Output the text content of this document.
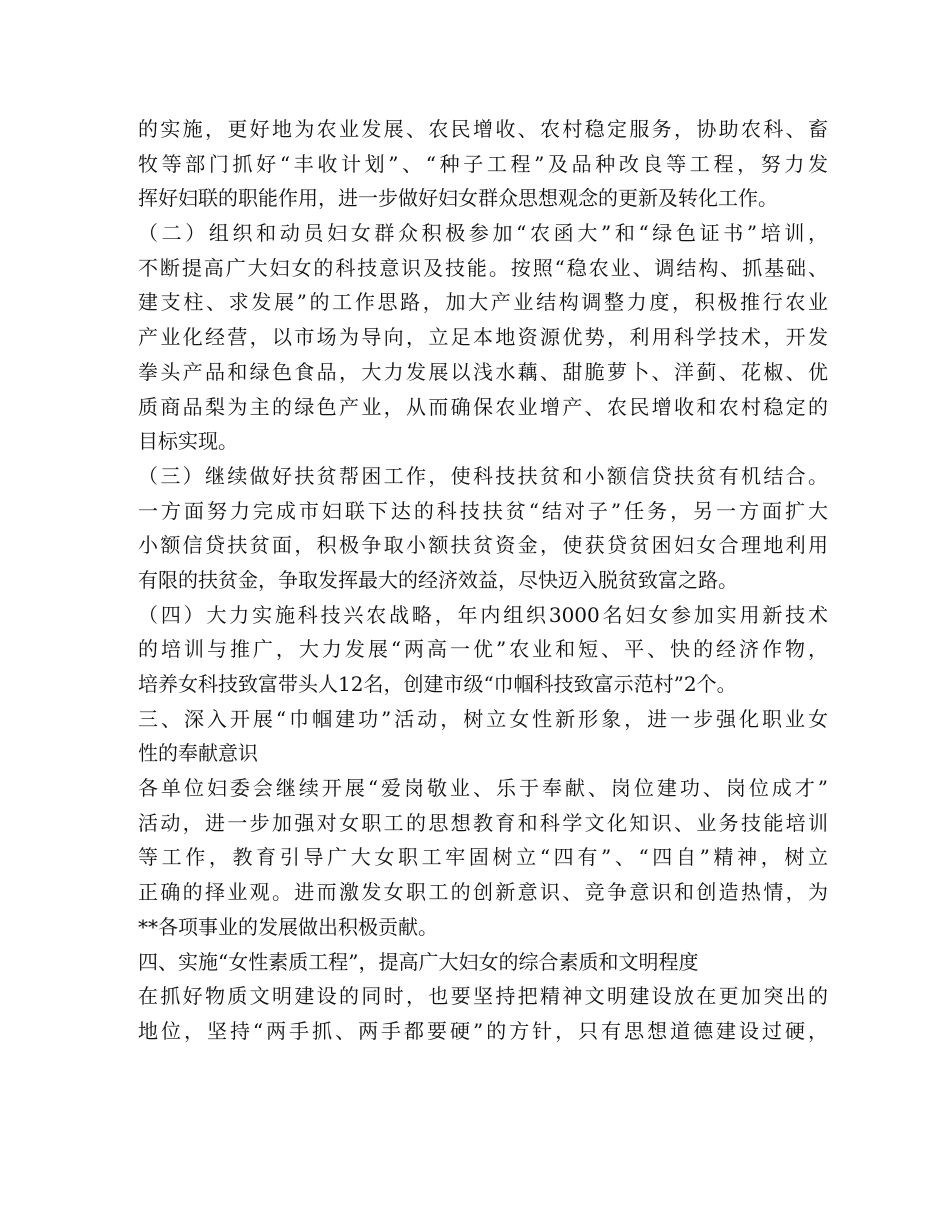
的实施，更好地为农业发展、农民增收、农村稳定服务，协助农科、畜
牧等部门抓好“丰收计划”、“种子工程”及品种改良等工程，努力发
挥好妇联的职能作用，进一步做好妇女群众思想观念的更新及转化工作。
（二）组织和动员妇女群众积极参加“农函大”和“绿色证书”培训，
不断提高广大妇女的科技意识及技能。按照“稳农业、调结构、抓基础、
建支柱、求发展”的工作思路，加大产业结构调整力度，积极推行农业
产业化经营，以市场为导向，立足本地资源优势，利用科学技术，开发
拳头产品和绿色食品，大力发展以浅水藕、甜脆萝卜、洋蓟、花椒、优
质商品梨为主的绿色产业，从而确保农业增产、农民增收和农村稳定的
目标实现。
（三）继续做好扶贫帮困工作，使科技扶贫和小额信贷扶贫有机结合。
一方面努力完成市妇联下达的科技扶贫“结对子”任务，另一方面扩大
小额信贷扶贫面，积极争取小额扶贫资金，使获贷贫困妇女合理地利用
有限的扶贫金，争取发挥最大的经济效益，尽快迈入脱贫致富之路。
（四）大力实施科技兴农战略，年内组织3000名妇女参加实用新技术
的培训与推广，大力发展“两高一优”农业和短、平、快的经济作物，
培养女科技致富带头人12名，创建市级“巾帼科技致富示范村”2个。
三、深入开展“巾帼建功”活动，树立女性新形象，进一步强化职业女
性的奉献意识
各单位妇委会继续开展“爱岗敬业、乐于奉献、岗位建功、岗位成才”
活动，进一步加强对女职工的思想教育和科学文化知识、业务技能培训
等工作，教育引导广大女职工牢固树立“四有”、“四自”精神，树立
正确的择业观。进而激发女职工的创新意识、竞争意识和创造热情，为
**各项事业的发展做出积极贡献。
四、实施“女性素质工程”，提高广大妇女的综合素质和文明程度
在抓好物质文明建设的同时，也要坚持把精神文明建设放在更加突出的
地位，坚持“两手抓、两手都要硬”的方针，只有思想道德建设过硬，
